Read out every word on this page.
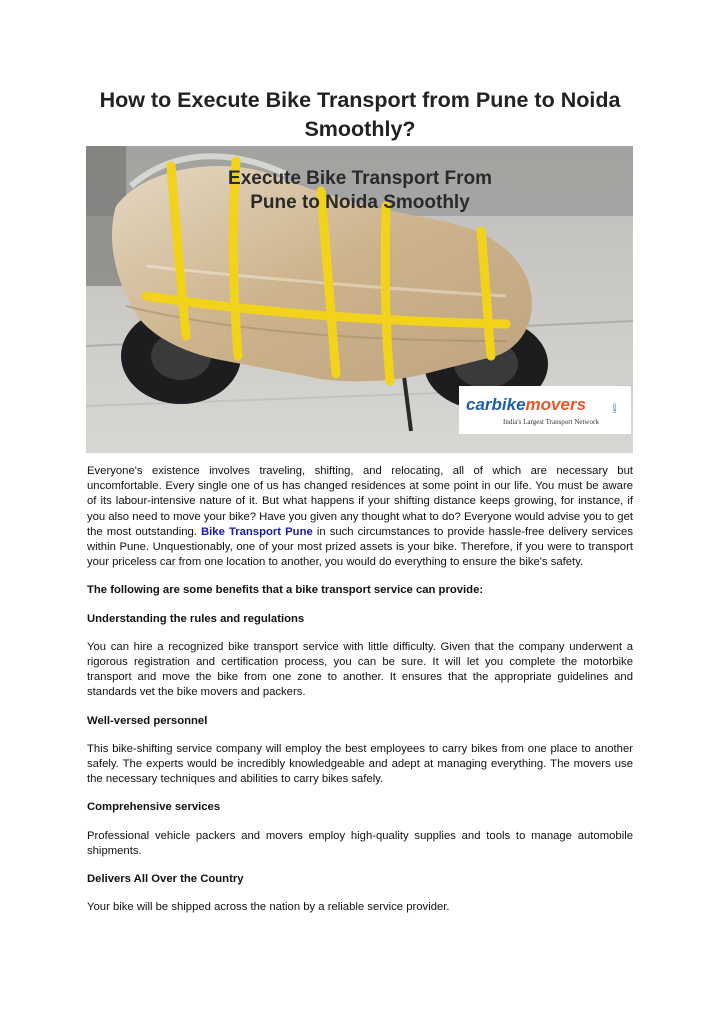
How to Execute Bike Transport from Pune to Noida Smoothly?
Execute Bike Transport From
Pune to Noida Smoothly
carbikemovers	.com
India's Largest Transport Network

Everyone's existence involves traveling, shifting, and relocating, all of which are necessary but uncomfortable. Every single one of us has changed residences at some point in our life. You must be aware of its labour-intensive nature of it. But what happens if your shifting distance keeps growing, for instance, if you also need to move your bike? Have you given any thought what to do? Everyone would advise you to get the most outstanding. Bike Transport Pune in such circumstances to provide hassle-free delivery services within Pune. Unquestionably, one of your most prized assets is your bike. Therefore, if you were to transport your priceless car from one location to another, you would do everything to ensure the bike's safety.

The following are some benefits that a bike transport service can provide:

Understanding the rules and regulations

You can hire a recognized bike transport service with little difficulty. Given that the company underwent a rigorous registration and certification process, you can be sure. It will let you complete the motorbike transport and move the bike from one zone to another. It ensures that the appropriate guidelines and standards vet the bike movers and packers.

Well-versed personnel

This bike-shifting service company will employ the best employees to carry bikes from one place to another safely. The experts would be incredibly knowledgeable and adept at managing everything. The movers use the necessary techniques and abilities to carry bikes safely.

Comprehensive services

Professional vehicle packers and movers employ high-quality supplies and tools to manage automobile shipments.

Delivers All Over the Country

Your bike will be shipped across the nation by a reliable service provider.
